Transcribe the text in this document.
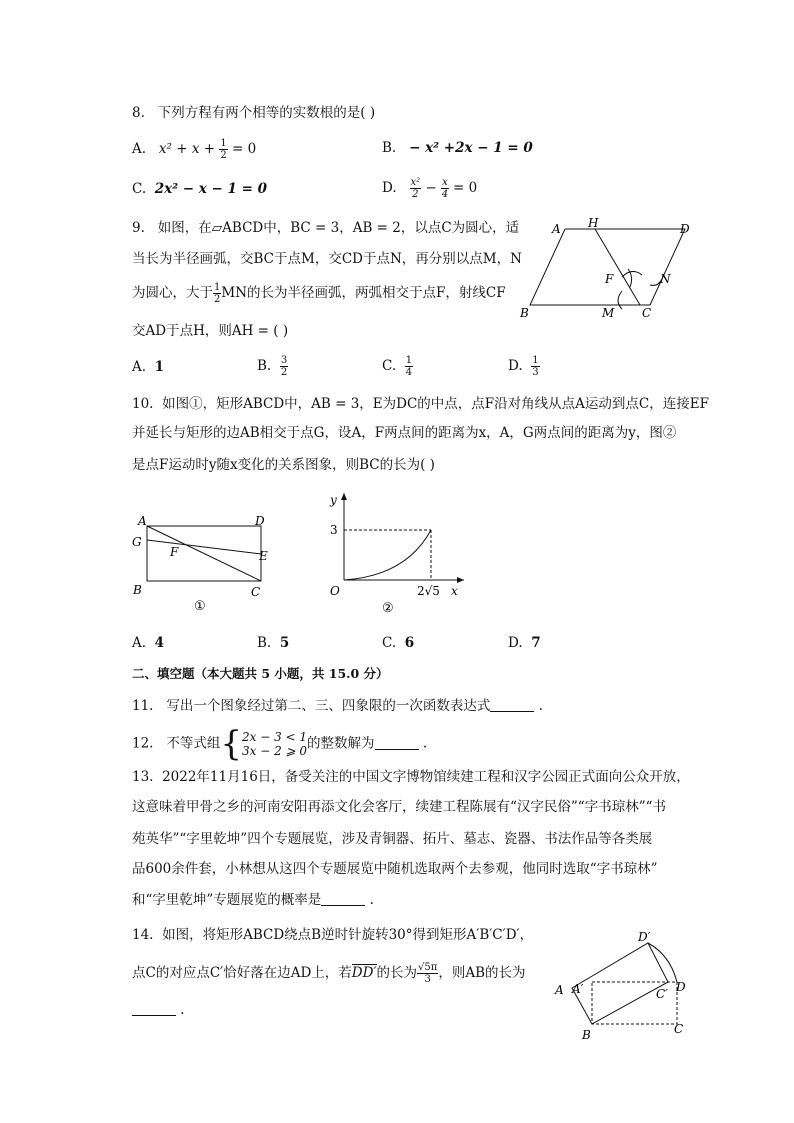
8. 下列方程有两个相等的实数根的是( )
A. $x^2 + x + \frac{1}{2} = 0$	B. − x² +2x − 1 = 0
C. 2x² − x − 1 = 0	D. $\frac{\text{x²}}{2} - \frac{x}{4} = 0$
9. 如图，在▱ABCD中，BC = 3，AB = 2，以点C为圆心，适
当长为半径画弧，交BC于点M，交CD于点N，再分别以点M，N
为圆心，大于 $\frac{1}{2}$ MN的长为半径画弧，两弧相交于点F，射线CF
交AD于点H，则AH = ( )
A H	D
F	N
B	M C
A. 1	B. $\frac{3}{2}$	C. $\frac{1}{4}$	D. $\frac{1}{3}$
10. 如图①，矩形ABCD中，AB = 3，E为DC的中点，点F沿对角线从点A运动到点C，连接EF
并延长与矩形的边AB相交于点G，设A，F两点间的距离为x，A，G两点间的距离为y，图②
是点F运动时y随x变化的关系图象，则BC的长为( )
A	D
G
F	E
B	C
①
y
3
O	2√5 x
②
A. 4	B. 5	C. 6	D. 7
二、填空题（本大题共 5 小题，共 15.0 分）
11. 写出一个图象经过第二、三、四象限的一次函数表达式	.
12. 不等式组{ 2x − 3 < 1
3x − 2 ⩾ 0 的整数解为	.
13. 2022年11月16日，备受关注的中国文字博物馆续建工程和汉字公园正式面向公众开放，
这意味着甲骨之乡的河南安阳再添文化会客厅，续建工程陈展有“汉字民俗”“字书琼林”“书
苑英华”“字里乾坤”四个专题展览，涉及青铜器、拓片、墓志、瓷器、书法作品等各类展
品600余件套，小林想从这四个专题展览中随机选取两个去参观，他同时选取“字书琼林”
和“字里乾坤”专题展览的概率是	.
14. 如图，将矩形ABCD绕点B逆时针旋转30°得到矩形A′B′C′D′，
点C的对应点C′恰好落在边AD上，若DD′的长为 $\frac{√5\pi}{3}$ ，则AB的长为
.
D′
A A′	C′ D
B	C
